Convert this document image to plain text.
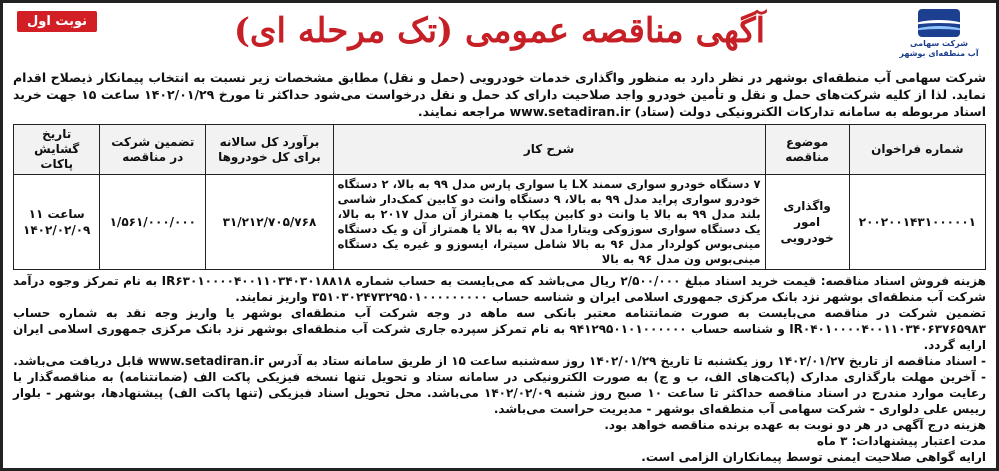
نوبت اول	آگهی مناقصه عمومی (تک مرحله ای)	شرکت سهامی
آب منطقه‌ای بوشهر
شرکت سهامی آب منطقه‌ای بوشهر در نظر دارد به منظور واگذاری خدمات خودرویی (حمل و نقل) مطابق مشخصات زیر نسبت به انتخاب پیمانکار ذیصلاح اقدام نماید. لذا از کلیه شرکت‌های حمل و نقل و تأمین خودرو واجد صلاحیت دارای کد حمل و نقل درخواست می‌شود حداکثر تا مورخ ۱۴۰۲/۰۱/۲۹ ساعت ۱۵ جهت خرید اسناد مربوطه به سامانه تدارکات الکترونیکی دولت (ستاد) www.setadiran.ir مراجعه نمایند.
شماره فراخوان	موضوع مناقصه	شرح کار	برآورد کل سالانه برای کل خودروها	تضمین شرکت در مناقصه	تاریخ گشایش پاکات
۲۰۰۲۰۰۱۴۳۱۰۰۰۰۰۱	واگذاری امور خودرویی	۷ دستگاه خودرو سواری سمند LX یا سواری پارس مدل ۹۹ به بالا، ۲ دستگاه خودرو سواری پراید مدل ۹۹ به بالا، ۹ دستگاه وانت دو کابین کمک‌دار شاسی بلند مدل ۹۹ به بالا یا وانت دو کابین پیکاپ یا همتراز آن مدل ۲۰۱۷ به بالا، یک دستگاه سواری سوزوکی ویتارا مدل ۹۷ به بالا یا همتراز آن و یک دستگاه مینی‌بوس کولردار مدل ۹۶ به بالا شامل سیترا، ایسوزو و غیره یک دستگاه مینی‌بوس ون مدل ۹۶ به بالا	۳۱/۲۱۲/۷۰۵/۷۶۸	۱/۵۶۱/۰۰۰/۰۰۰	ساعت ۱۱
۱۴۰۲/۰۲/۰۹

هزینه فروش اسناد مناقصه: قیمت خرید اسناد مبلغ ۲/۵۰۰/۰۰۰ ریال می‌باشد که می‌بایست به حساب شماره IR۶۳۰۱۰۰۰۰۴۰۰۱۱۰۳۴۰۳۰۱۸۸۱۸ به نام تمرکز وجوه درآمد شرکت آب منطقه‌ای بوشهر نزد بانک مرکزی جمهوری اسلامی ایران و شناسه حساب ۳۵۱۰۳۰۲۴۷۳۲۹۵۰۱۰۰۰۰۰۰۰۰۰ واریز نمایند.

تضمین شرکت در مناقصه می‌بایست به صورت ضمانتنامه معتبر بانکی سه ماهه در وجه شرکت آب منطقه‌ای بوشهر یا واریز وجه نقد به شماره حساب IR۰۴۰۱۰۰۰۰۴۰۰۱۱۰۳۴۰۶۳۷۶۵۹۸۳ و شناسه حساب ۹۴۱۲۹۵۰۱۰۱۰۰۰۰۰۰ به نام تمرکز سپرده جاری شرکت آب منطقه‌ای بوشهر نزد بانک مرکزی جمهوری اسلامی ایران ارایه گردد.

- اسناد مناقصه از تاریخ ۱۴۰۲/۰۱/۲۷ روز یکشنبه تا تاریخ ۱۴۰۲/۰۱/۲۹ روز سه‌شنبه ساعت ۱۵ از طریق سامانه ستاد به آدرس www.setadiran.ir قابل دریافت می‌باشد.

- آخرین مهلت بارگذاری مدارک (پاکت‌های الف، ب و ج) به صورت الکترونیکی در سامانه ستاد و تحویل تنها نسخه فیزیکی پاکت الف (ضمانتنامه) به مناقصه‌گذار با رعایت موارد مندرج در اسناد مناقصه حداکثر تا ساعت ۱۰ صبح روز شنبه ۱۴۰۲/۰۲/۰۹ می‌باشد. محل تحویل اسناد فیزیکی (تنها پاکت الف) پیشنهادها، بوشهر - بلوار رییس علی دلواری - شرکت سهامی آب منطقه‌ای بوشهر - مدیریت حراست می‌باشد.

هزینه درج آگهی در هر دو نوبت به عهده برنده مناقصه خواهد بود.

مدت اعتبار پیشنهادات: ۳ ماه

ارایه گواهی صلاحیت ایمنی توسط پیمانکاران الزامی است.
